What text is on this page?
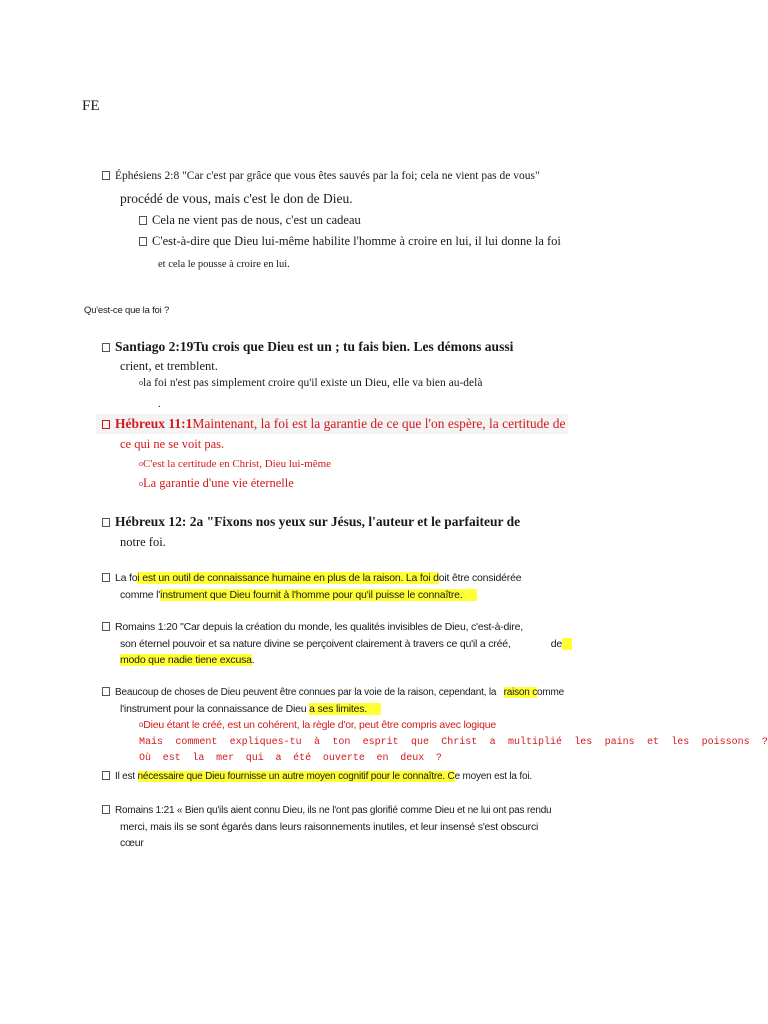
FE
Éphésiens 2:8 "Car c'est par grâce que vous êtes sauvés par la foi; cela ne vient pas de vous"
procédé de vous, mais c'est le don de Dieu.
Cela ne vient pas de nous, c'est un cadeau
C'est-à-dire que Dieu lui-même habilite l'homme à croire en lui, il lui donne la foi
et cela le pousse à croire en lui.
Qu'est-ce que la foi ?
Santiago 2:19Tu crois que Dieu est un ; tu fais bien. Les démons aussi
crient, et tremblent.
ola foi n'est pas simplement croire qu'il existe un Dieu, elle va bien au-delà
.
Hébreux 11:1Maintenant, la foi est la garantie de ce que l'on espère, la certitude de
ce qui ne se voit pas.
oC'est la certitude en Christ, Dieu lui-même
oLa garantie d'une vie éternelle
Hébreux 12: 2a "Fixons nos yeux sur Jésus, l'auteur et le parfaiteur de
notre foi.
La foi est un outil de connaissance humaine en plus de la raison. La foi doit être considérée
comme l'instrument que Dieu fournit à l'homme pour qu'il puisse le connaître.
Romains 1:20 "Car depuis la création du monde, les qualités invisibles de Dieu, c'est-à-dire,
son éternel pouvoir et sa nature divine se perçoivent clairement à travers ce qu'il a créé,	de
modo que nadie tiene excusa.
Beaucoup de choses de Dieu peuvent être connues par la voie de la raison, cependant, la raison comme
l'instrument pour la connaissance de Dieu a ses limites.
oDieu étant le créé, est un cohérent, la règle d'or, peut être compris avec logique
Mais comment expliques-tu à ton esprit que Christ a multiplié les pains et les poissons ?
Où est la mer qui a été ouverte en deux ?
Il est nécessaire que Dieu fournisse un autre moyen cognitif pour le connaître. Ce moyen est la foi.
Romains 1:21 « Bien qu'ils aient connu Dieu, ils ne l'ont pas glorifié comme Dieu et ne lui ont pas rendu
merci, mais ils se sont égarés dans leurs raisonnements inutiles, et leur insensé s'est obscurci
cœur
